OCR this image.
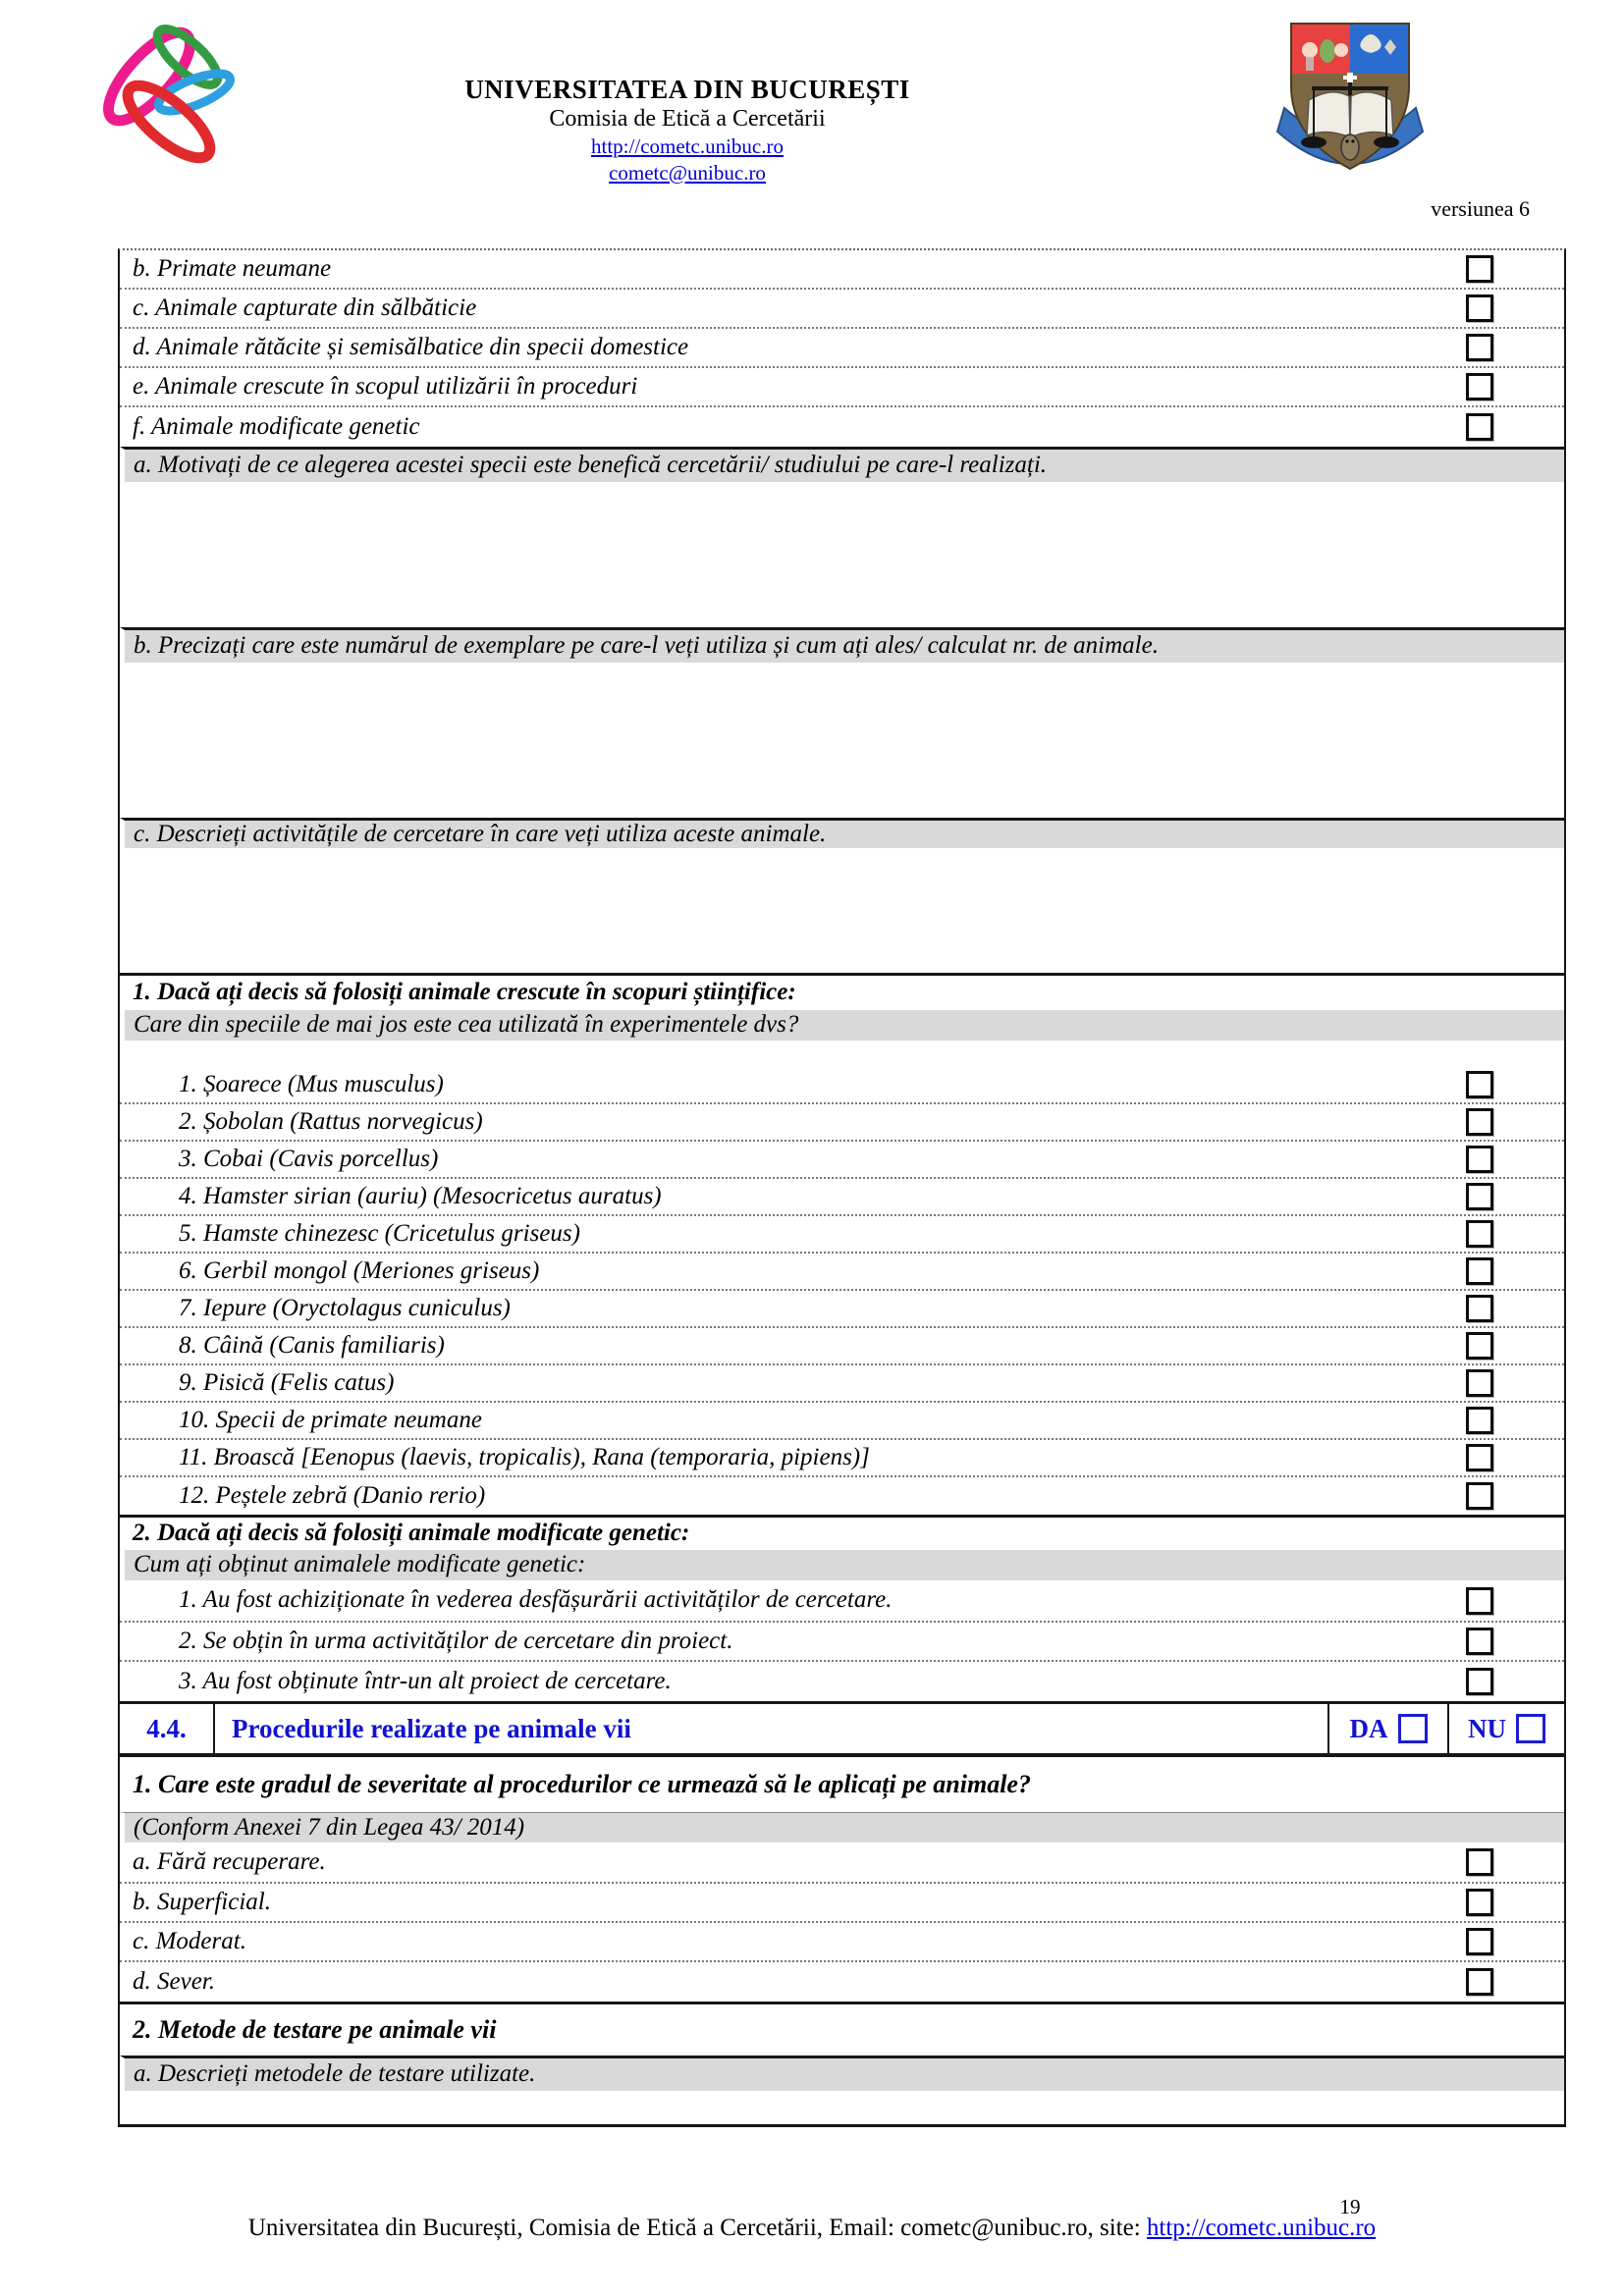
UNIVERSITATEA DIN BUCUREȘTI
Comisia de Etică a Cercetării
http://cometc.unibuc.ro
cometc@unibuc.ro
versiunea 6
b. Primate neumane
c. Animale capturate din sălbăticie
d. Animale rătăcite și semisălbatice din specii domestice
e. Animale crescute în scopul utilizării în proceduri
f. Animale modificate genetic
a. Motivați de ce alegerea acestei specii este benefică cercetării/ studiului pe care-l realizați.
b. Precizați care este numărul de exemplare pe care-l veți utiliza și cum ați ales/ calculat nr. de animale.
c. Descrieți activitățile de cercetare în care veți utiliza aceste animale.
1. Dacă ați decis să folosiți animale crescute în scopuri științifice:
Care din speciile de mai jos este cea utilizată în experimentele dvs?
1. Șoarece (Mus musculus)
2. Șobolan (Rattus norvegicus)
3. Cobai (Cavis porcellus)
4. Hamster sirian (auriu) (Mesocricetus auratus)
5. Hamste chinezesc (Cricetulus griseus)
6. Gerbil mongol (Meriones griseus)
7. Iepure (Oryctolagus cuniculus)
8. Câină (Canis familiaris)
9. Pisică (Felis catus)
10. Specii de primate neumane
11. Broască [Eenopus (laevis, tropicalis), Rana (temporaria, pipiens)]
12. Peștele zebră (Danio rerio)
2. Dacă ați decis să folosiți animale modificate genetic:
Cum ați obținut animalele modificate genetic:
1. Au fost achiziționate în vederea desfășurării activităților de cercetare.
2. Se obțin în urma activităților de cercetare din proiect.
3. Au fost obținute într-un alt proiect de cercetare.
4.4.	Procedurile realizate pe animale vii	DA	NU
1. Care este gradul de severitate al procedurilor ce urmează să le aplicați pe animale?
(Conform Anexei 7 din Legea 43/ 2014)
a. Fără recuperare.
b. Superficial.
c. Moderat.
d. Sever.
2. Metode de testare pe animale vii
a. Descrieți metodele de testare utilizate.
19
Universitatea din București, Comisia de Etică a Cercetării, Email: cometc@unibuc.ro, site: http://cometc.unibuc.ro
